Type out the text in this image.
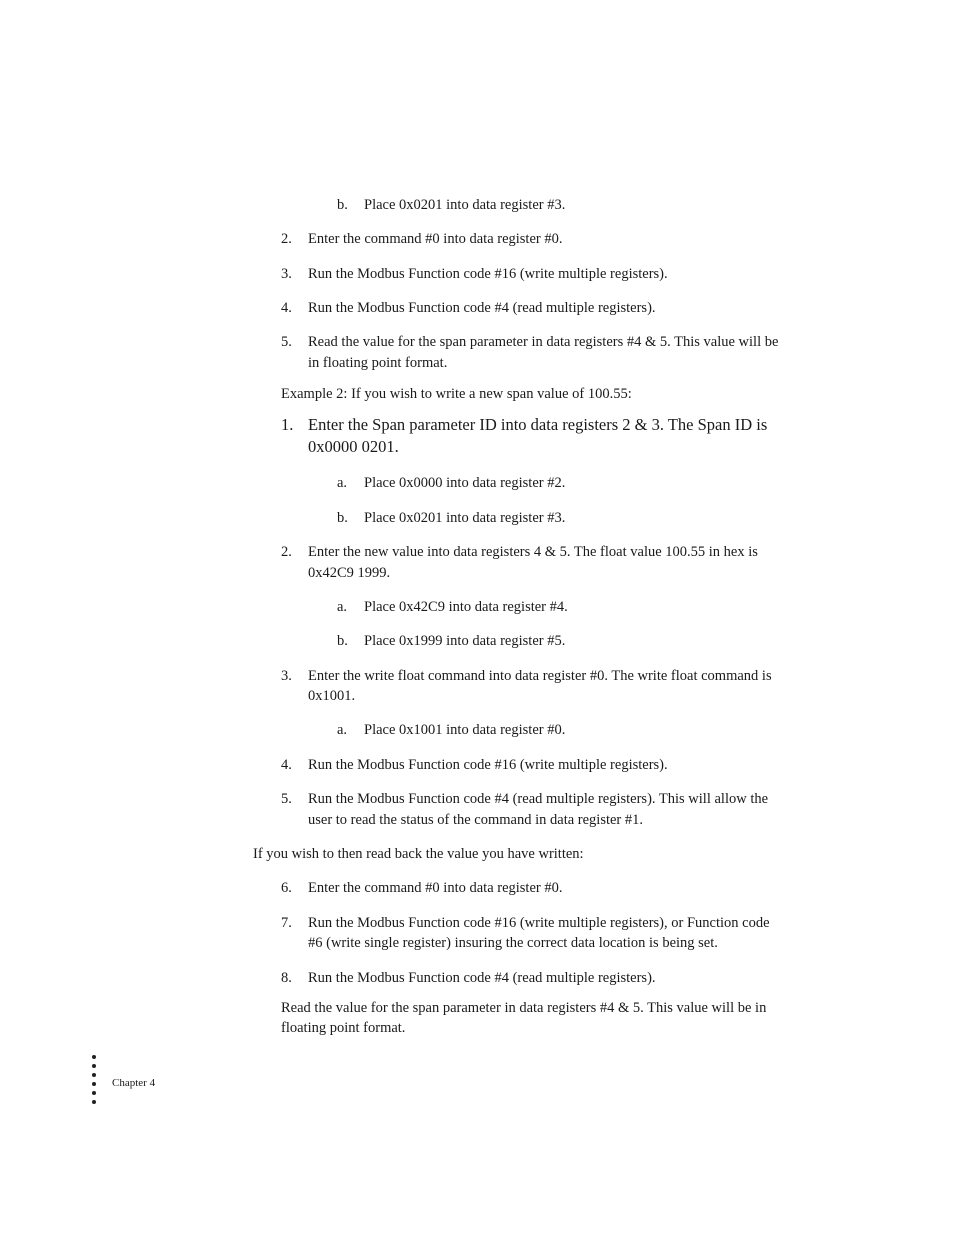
b. Place 0x0201 into data register #3.
2. Enter the command #0 into data register #0.
3. Run the Modbus Function code #16 (write multiple registers).
4. Run the Modbus Function code #4 (read multiple registers).
5. Read the value for the span parameter in data registers #4 & 5. This value will be
in floating point format.
Example 2: If you wish to write a new span value of 100.55:
1. Enter the Span parameter ID into data registers 2 & 3. The Span ID is
0x0000 0201.
a. Place 0x0000 into data register #2.
b. Place 0x0201 into data register #3.
2. Enter the new value into data registers 4 & 5. The float value 100.55 in hex is
0x42C9 1999.
a. Place 0x42C9 into data register #4.
b. Place 0x1999 into data register #5.
3. Enter the write float command into data register #0. The write float command is
0x1001.
a. Place 0x1001 into data register #0.
4. Run the Modbus Function code #16 (write multiple registers).
5. Run the Modbus Function code #4 (read multiple registers). This will allow the
user to read the status of the command in data register #1.
If you wish to then read back the value you have written:
6. Enter the command #0 into data register #0.
7. Run the Modbus Function code #16 (write multiple registers), or Function code
#6 (write single register) insuring the correct data location is being set.
8. Run the Modbus Function code #4 (read multiple registers).
Read the value for the span parameter in data registers #4 & 5. This value will be in
floating point format.
Chapter 4
